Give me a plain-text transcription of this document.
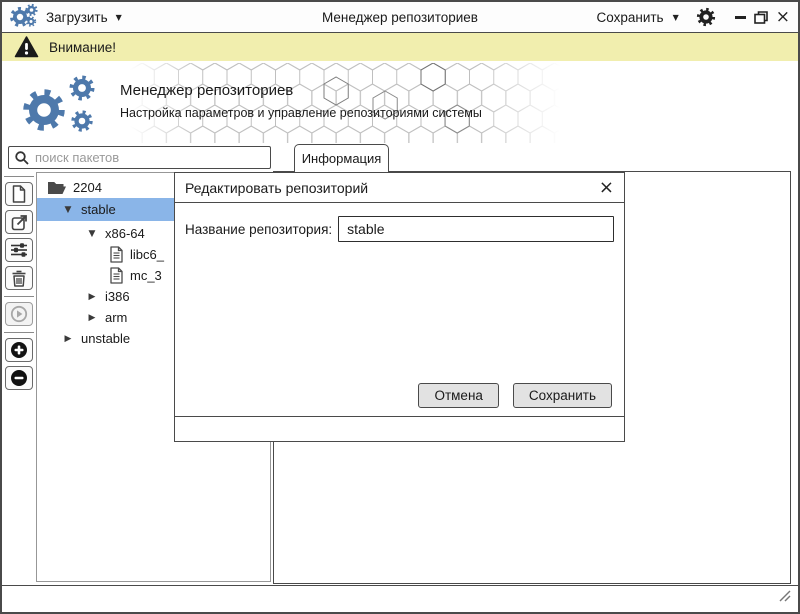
Загрузить ▼	Менеджер репозиториев	Сохранить ▼	×
Внимание!
Менеджер репозиториев
Настройка параметров и управление репозиториями системы
поиск пакетов
Информация
2204
▼ stable
▼ x86-64
libc6_
mc_3
▶ i386
▶ arm
▶ unstable
Редактировать репозиторий	×
Название репозитория:
stable
Отмена	Сохранить
